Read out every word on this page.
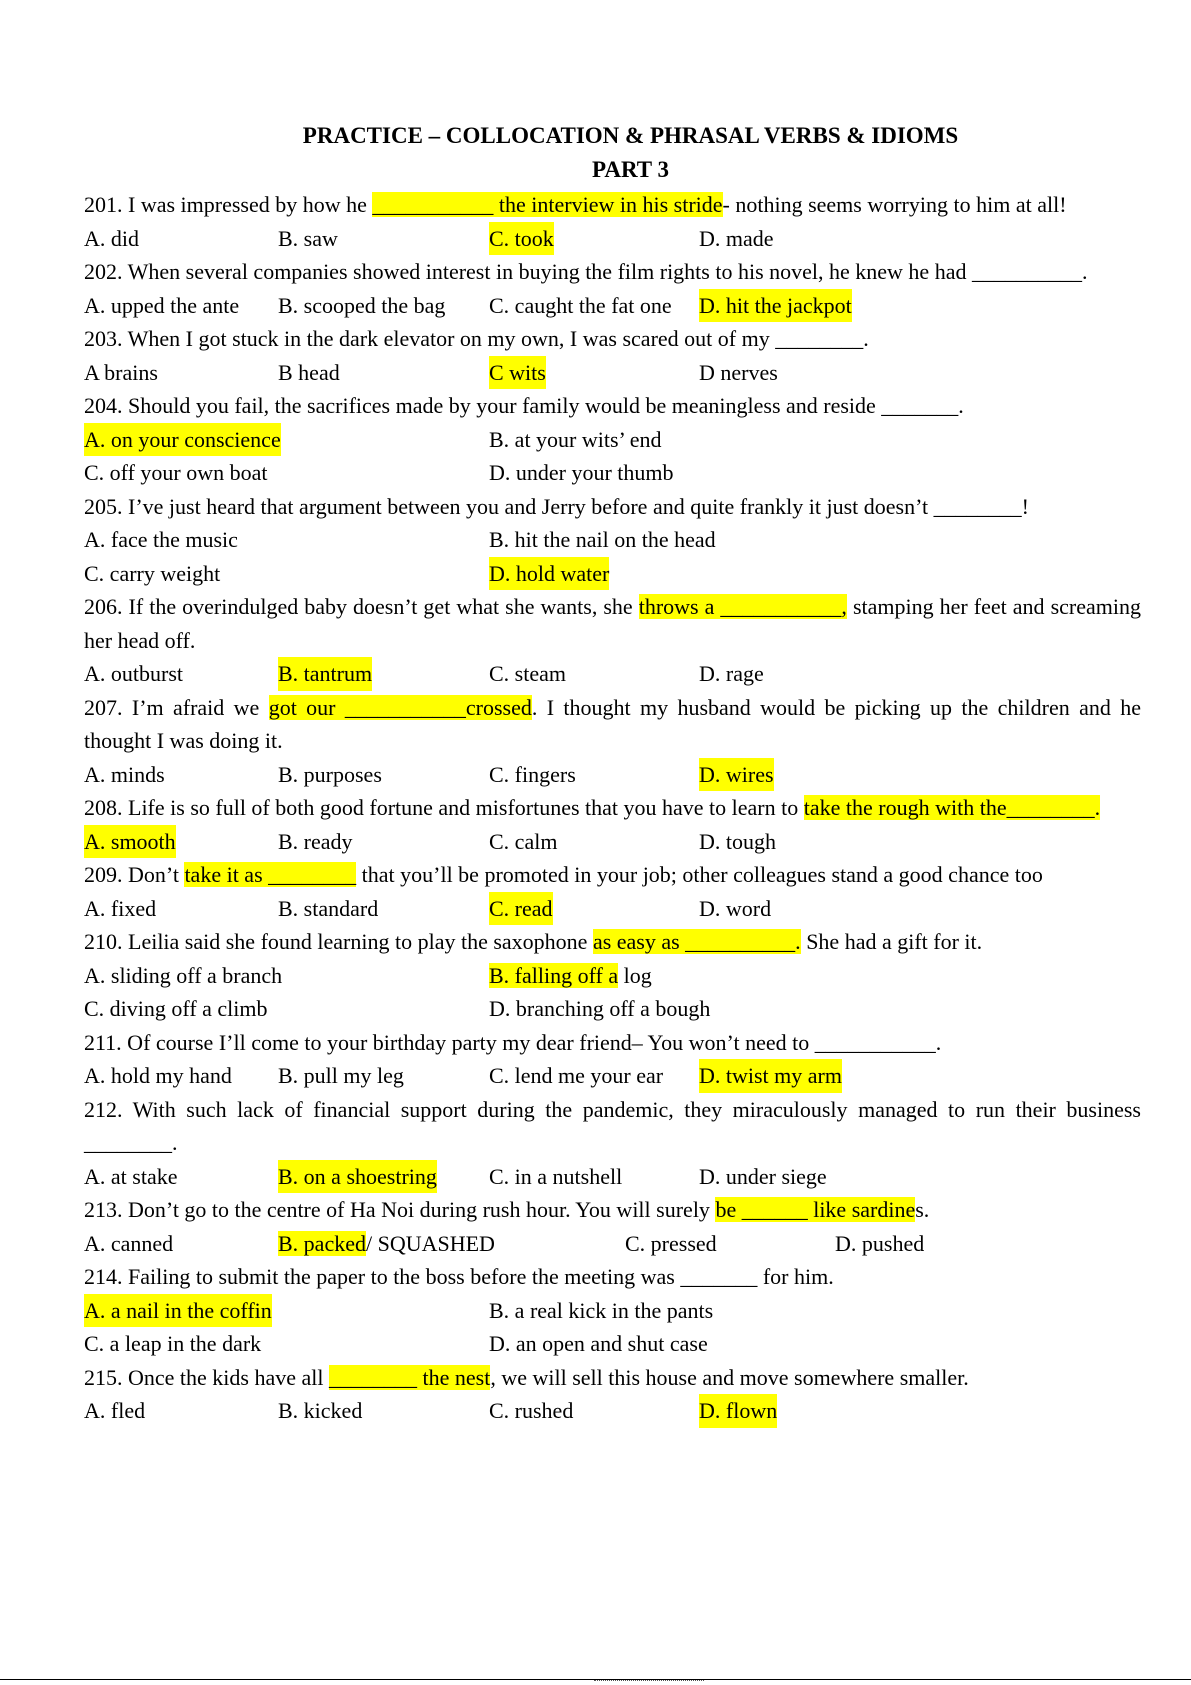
PRACTICE – COLLOCATION & PHRASAL VERBS & IDIOMS
PART 3
201. I was impressed by how he ___________ the interview in his stride- nothing seems worrying to him at all!
A. did	B. saw	C. took	D. made
202. When several companies showed interest in buying the film rights to his novel, he knew he had __________.
A. upped the ante B. scooped the bag C. caught the fat one D. hit the jackpot
203. When I got stuck in the dark elevator on my own, I was scared out of my ________.
A brains	B head	C wits	D nerves
204. Should you fail, the sacrifices made by your family would be meaningless and reside _______.
A. on your conscience	B. at your wits’ end
C. off your own boat	D. under your thumb
205. I’ve just heard that argument between you and Jerry before and quite frankly it just doesn’t ________!
A. face the music	B. hit the nail on the head
C. carry weight	D. hold water
206. If the overindulged baby doesn’t get what she wants, she throws a ___________, stamping her feet and screaming her head off.
A. outburst	B. tantrum	C. steam	D. rage
207. I’m afraid we got our ___________crossed. I thought my husband would be picking up the children and he thought I was doing it.
A. minds	B. purposes	C. fingers	D. wires
208. Life is so full of both good fortune and misfortunes that you have to learn to take the rough with the________.
A. smooth	B. ready	C. calm	D. tough
209. Don’t take it as ________ that you’ll be promoted in your job; other colleagues stand a good chance too
A. fixed	B. standard	C. read	D. word
210. Leilia said she found learning to play the saxophone as easy as __________. She had a gift for it.
A. sliding off a branch	B. falling off a log
C. diving off a climb	D. branching off a bough
211. Of course I’ll come to your birthday party my dear friend– You won’t need to ___________.
A. hold my hand B. pull my leg	C. lend me your ear D. twist my arm
212. With such lack of financial support during the pandemic, they miraculously managed to run their business ________.
A. at stake	B. on a shoestring C. in a nutshell	D. under siege
213. Don’t go to the centre of Ha Noi during rush hour. You will surely be ______ like sardines.
A. canned	B. packed/ SQUASHED	C. pressed	D. pushed
214. Failing to submit the paper to the boss before the meeting was _______ for him.
A. a nail in the coffin	B. a real kick in the pants
C. a leap in the dark	D. an open and shut case
215. Once the kids have all ________ the nest, we will sell this house and move somewhere smaller.
A. fled	B. kicked	C. rushed	D. flown
